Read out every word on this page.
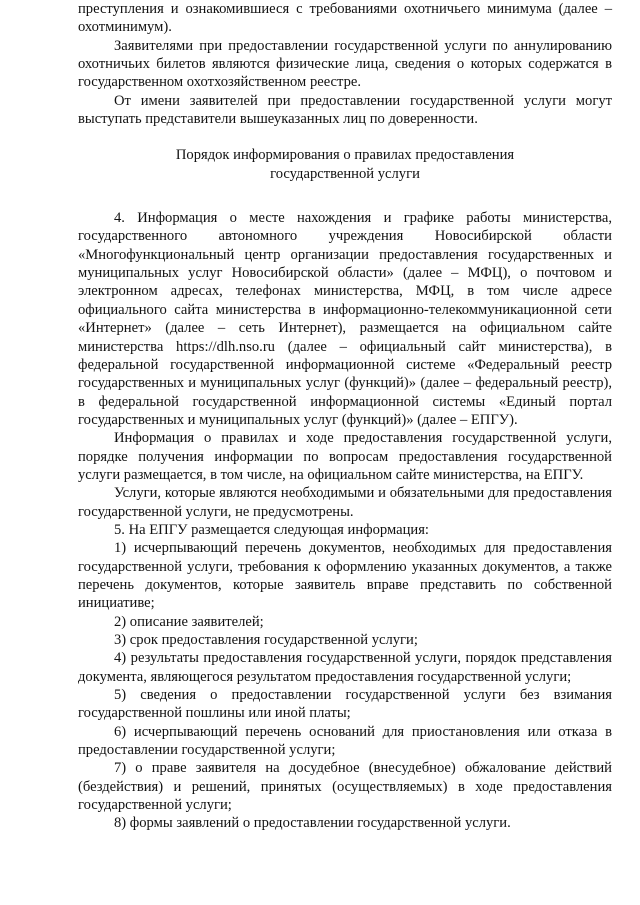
преступления и ознакомившиеся с требованиями охотничьего минимума (далее – охотминимум).

Заявителями при предоставлении государственной услуги по аннулированию охотничьих билетов являются физические лица, сведения о которых содержатся в государственном охотхозяйственном реестре.

От имени заявителей при предоставлении государственной услуги могут выступать представители вышеуказанных лиц по доверенности.

Порядок информирования о правилах предоставления

государственной услуги

4. Информация о месте нахождения и графике работы министерства, государственного автономного учреждения Новосибирской области «Многофункциональный центр организации предоставления государственных и муниципальных услуг Новосибирской области» (далее – МФЦ), о почтовом и электронном адресах, телефонах министерства, МФЦ, в том числе адресе официального сайта министерства в информационно-телекоммуникационной сети «Интернет» (далее – сеть Интернет), размещается на официальном сайте министерства https://dlh.nso.ru (далее – официальный сайт министерства), в федеральной государственной информационной системе «Федеральный реестр государственных и муниципальных услуг (функций)» (далее – федеральный реестр), в федеральной государственной информационной системы «Единый портал государственных и муниципальных услуг (функций)» (далее – ЕПГУ).

Информация о правилах и ходе предоставления государственной услуги, порядке получения информации по вопросам предоставления государственной услуги размещается, в том числе, на официальном сайте министерства, на ЕПГУ.

Услуги, которые являются необходимыми и обязательными для предоставления государственной услуги, не предусмотрены.

5. На ЕПГУ размещается следующая информация:

1) исчерпывающий перечень документов, необходимых для предоставления государственной услуги, требования к оформлению указанных документов, а также перечень документов, которые заявитель вправе представить по собственной инициативе;

2) описание заявителей;

3) срок предоставления государственной услуги;

4) результаты предоставления государственной услуги, порядок представления документа, являющегося результатом предоставления государственной услуги;

5) сведения о предоставлении государственной услуги без взимания государственной пошлины или иной платы;

6) исчерпывающий перечень оснований для приостановления или отказа в предоставлении государственной услуги;

7) о праве заявителя на досудебное (внесудебное) обжалование действий (бездействия) и решений, принятых (осуществляемых) в ходе предоставления государственной услуги;

8) формы заявлений о предоставлении государственной услуги.
